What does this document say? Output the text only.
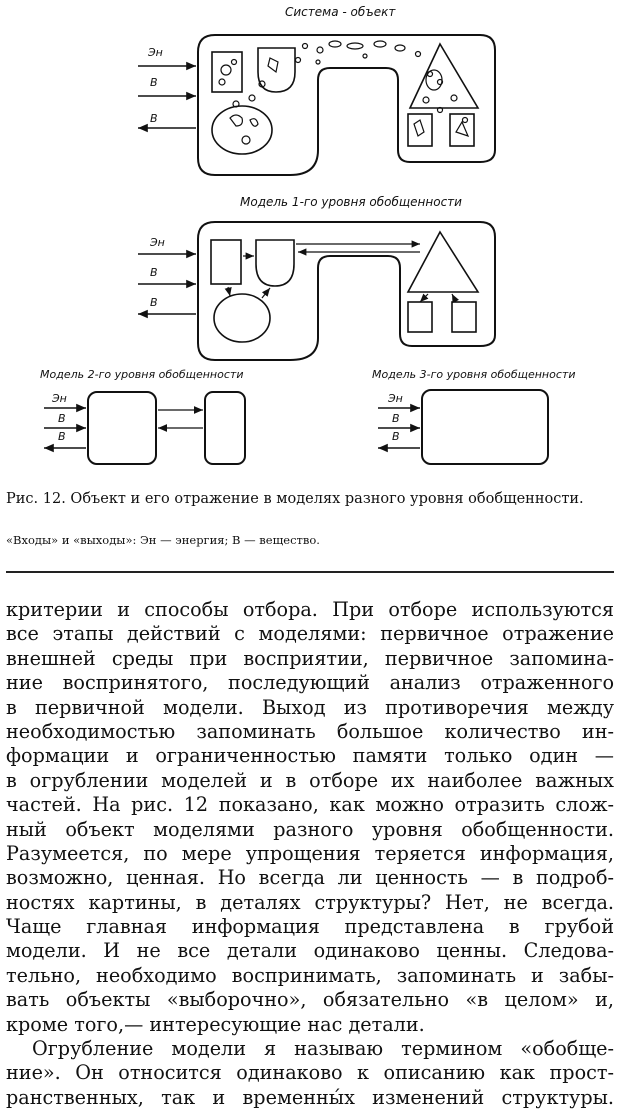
Система - объект
Эн
В
В
Модель 1-го уровня обобщенности
Эн
В
В
Модель 2-го уровня обобщенности
Эн
В
В
Модель 3-го уровня обобщенности
Эн
В
В
Рис. 12. Объект и его отражение в моделях разного уровня обобщенности.
«Входы» и «выходы»: Эн — энергия; В — вещество.
критерии и способы отбора. При отборе используются
все этапы действий с моделями: первичное отражение
внешней среды при восприятии, первичное запомина-
ние воспринятого, последующий анализ отраженного
в первичной модели. Выход из противоречия между
необходимостью запоминать большое количество ин-
формации и ограниченностью памяти только один —
в огрублении моделей и в отборе их наиболее важных
частей. На рис. 12 показано, как можно отразить слож-
ный объект моделями разного уровня обобщенности.
Разумеется, по мере упрощения теряется информация,
возможно, ценная. Но всегда ли ценность — в подроб-
ностях картины, в деталях структуры? Нет, не всегда.
Чаще главная информация представлена в грубой
модели. И не все детали одинаково ценны. Следова-
тельно, необходимо воспринимать, запоминать и забы-
вать объекты «выборочно», обязательно «в целом» и,
кроме того,— интересующие нас детали.
Огрубление модели я называю термином «обобще-
ние». Он относится одинаково к описанию как прост-
ранственных, так и временны́х изменений структуры.
